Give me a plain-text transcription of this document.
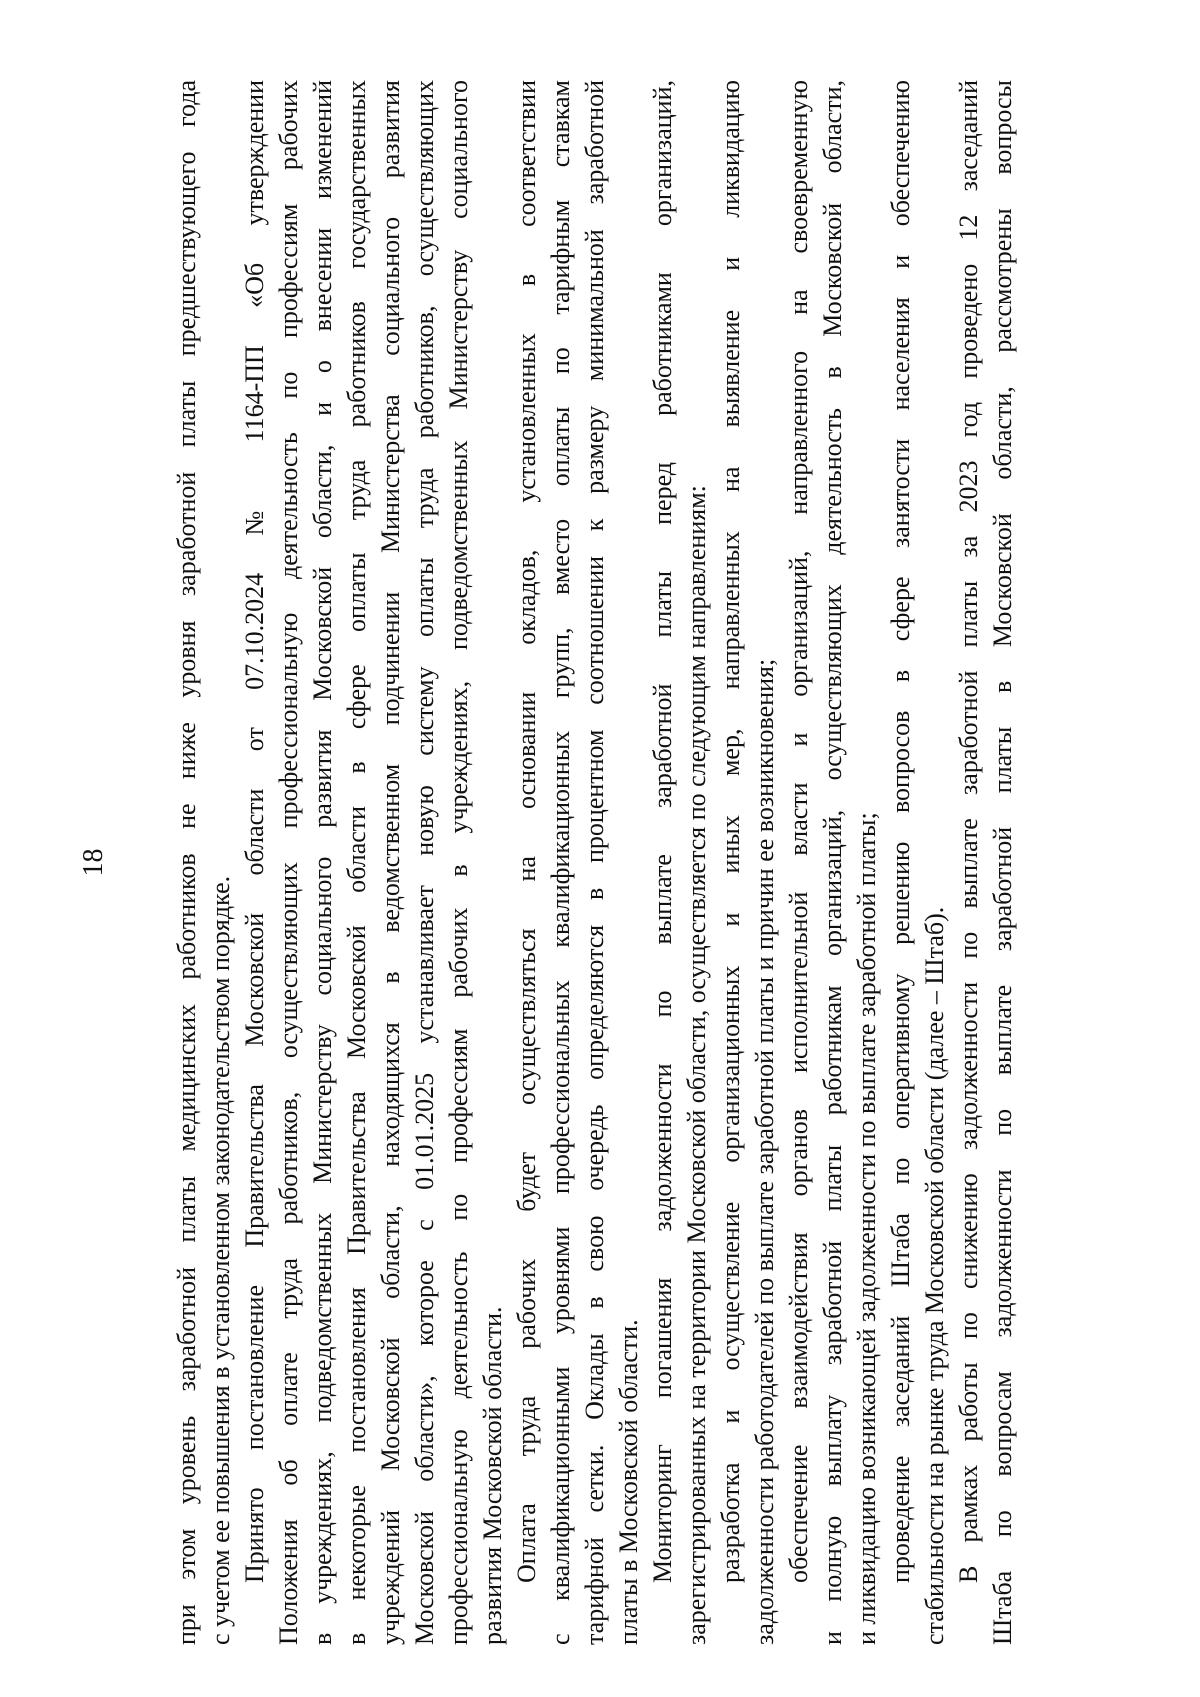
18 при этом уровень заработной платы медицинских работников не ниже уровня заработной платы предшествующего года с учетом ее повышения в установленном законодательством порядке. Принято постановление Правительства Московской области от 07.10.2024 № 1164-ПП «Об утверждении Положения об оплате труда работников, осуществляющих профессиональную деятельность по профессиям рабочих в учреждениях, подведомственных Министерству социального развития Московской области, и о внесении изменений в некоторые постановления Правительства Московской области в сфере оплаты труда работников государственных учреждений Московской области, находящихся в ведомственном подчинении Министерства социального развития Московской области», которое с 01.01.2025 устанавливает новую систему оплаты труда работников, осуществляющих профессиональную деятельность по профессиям рабочих в учреждениях, подведомственных Министерству социального развития Московской области. Оплата труда рабочих будет осуществляться на основании окладов, установленных в соответствии с квалификационными уровнями профессиональных квалификационных групп, вместо оплаты по тарифным ставкам тарифной сетки. Оклады в свою очередь определяются в процентном соотношении к размеру минимальной заработной платы в Московской области. Мониторинг погашения задолженности по выплате заработной платы перед работниками организаций, зарегистрированных на территории Московской области, осуществляется по следующим направлениям: разработка и осуществление организационных и иных мер, направленных на выявление и ликвидацию задолженности работодателей по выплате заработной платы и причин ее возникновения; обеспечение взаимодействия органов исполнительной власти и организаций, направленного на своевременную и полную выплату заработной платы работникам организаций, осуществляющих деятельность в Московской области, и ликвидацию возникающей задолженности по выплате заработной платы; проведение заседаний Штаба по оперативному решению вопросов в сфере занятости населения и обеспечению стабильности на рынке труда Московской области (далее – Штаб). В рамках работы по снижению задолженности по выплате заработной платы за 2023 год проведено 12 заседаний Штаба по вопросам задолженности по выплате заработной платы в Московской области, рассмотрены вопросы
